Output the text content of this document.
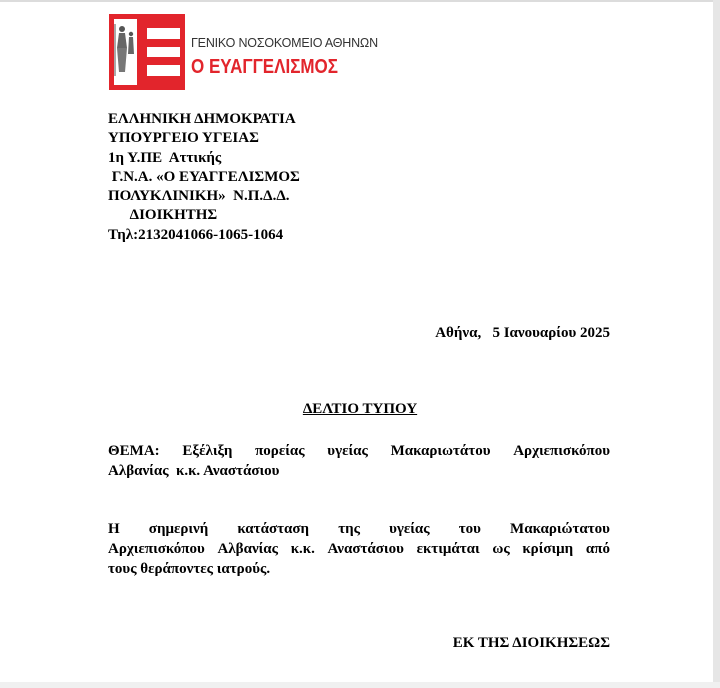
ΓΕΝΙΚΟ ΝΟΣΟΚΟΜΕΙΟ ΑΘΗΝΩΝ
Ο ΕΥΑΓΓΕΛΙΣΜΟΣ
ΕΛΛΗΝΙΚΗ ΔΗΜΟΚΡΑΤΙΑ
ΥΠΟΥΡΓΕΙΟ ΥΓΕΙΑΣ
1η Υ.ΠΕ  Αττικής
Γ.Ν.Α. «Ο ΕΥΑΓΓΕΛΙΣΜΟΣ
ΠΟΛΥΚΛΙΝΙΚΗ»  Ν.Π.Δ.Δ.
ΔΙΟΙΚΗΤΗΣ
Τηλ:2132041066-1065-1064
Αθήνα,   5 Ιανουαρίου 2025
ΔΕΛΤΙΟ ΤΥΠΟΥ
ΘΕΜΑ: Εξέλιξη πορείας υγείας Μακαριωτάτου Αρχιεπισκόπου
Αλβανίας  κ.κ. Αναστάσιου
Η σημερινή κατάσταση της υγείας του Μακαριώτατου
Αρχιεπισκόπου Αλβανίας κ.κ. Αναστάσιου εκτιμάται ως κρίσιμη από
τους θεράποντες ιατρούς.
ΕΚ ΤΗΣ ΔΙΟΙΚΗΣΕΩΣ
